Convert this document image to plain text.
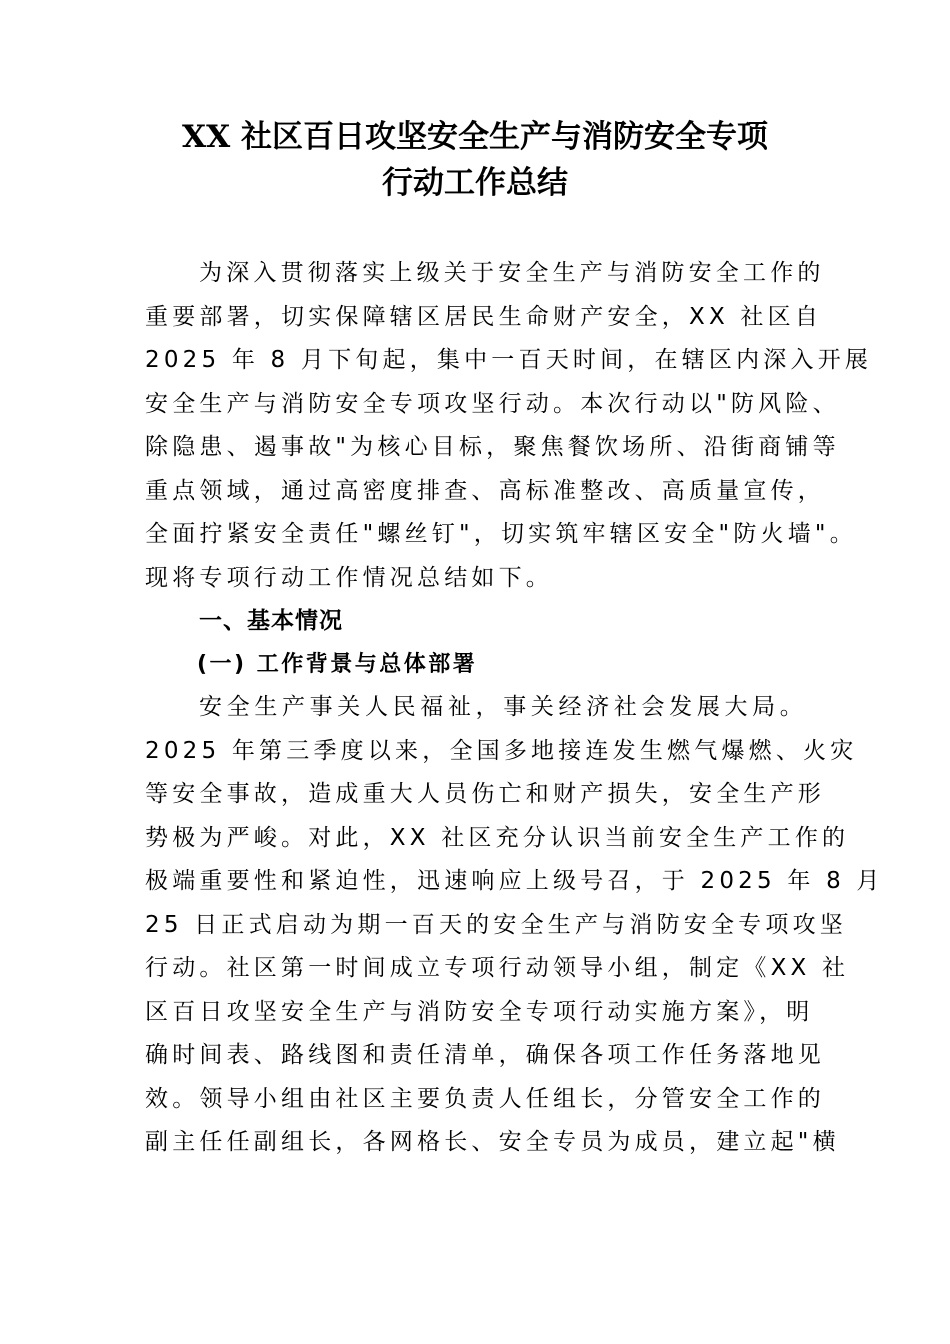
XX 社区百日攻坚安全生产与消防安全专项
行动工作总结

为深入贯彻落实上级关于安全生产与消防安全工作的
重要部署，切实保障辖区居民生命财产安全，XX 社区自
2025 年 8 月下旬起，集中一百天时间，在辖区内深入开展
安全生产与消防安全专项攻坚行动。本次行动以"防风险、
除隐患、遏事故"为核心目标，聚焦餐饮场所、沿街商铺等
重点领域，通过高密度排查、高标准整改、高质量宣传，
全面拧紧安全责任"螺丝钉"，切实筑牢辖区安全"防火墙"。
现将专项行动工作情况总结如下。

一、基本情况
(一) 工作背景与总体部署

安全生产事关人民福祉，事关经济社会发展大局。
2025 年第三季度以来，全国多地接连发生燃气爆燃、火灾
等安全事故，造成重大人员伤亡和财产损失，安全生产形
势极为严峻。对此，XX 社区充分认识当前安全生产工作的
极端重要性和紧迫性，迅速响应上级号召，于 2025 年 8 月
25 日正式启动为期一百天的安全生产与消防安全专项攻坚
行动。社区第一时间成立专项行动领导小组，制定《XX 社
区百日攻坚安全生产与消防安全专项行动实施方案》，明
确时间表、路线图和责任清单，确保各项工作任务落地见
效。领导小组由社区主要负责人任组长，分管安全工作的
副主任任副组长，各网格长、安全专员为成员，建立起"横
